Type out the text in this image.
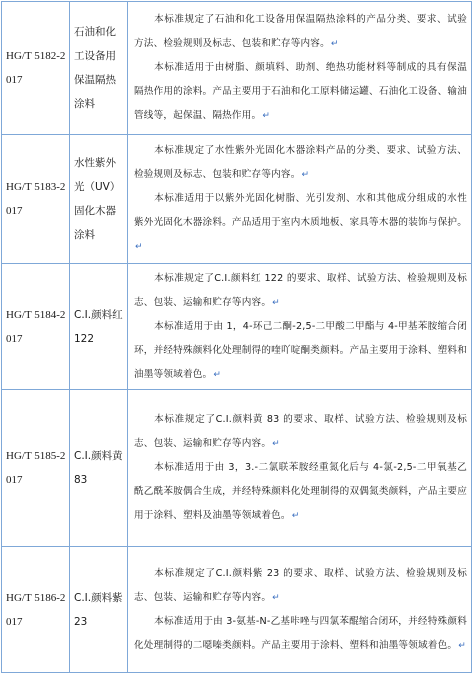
HG/T 5182-2017	石油和化工设备用保温隔热涂料	本标准规定了石油和化工设备用保温隔热涂料的产品分类、要求、试验方法、检验规则及标志、包装和贮存等内容。↵

本标准适用于由树脂、颜填料、助剂、绝热功能材料等制成的具有保温隔热作用的涂料。产品主要用于石油和化工原料储运罐、石油化工设备、输油管线等，起保温、隔热作用。↵

HG/T 5183-2017	水性紫外光（UV）固化木器涂料	本标准规定了水性紫外光固化木器涂料产品的分类、要求、试验方法、检验规则及标志、包装和贮存等内容。↵

本标准适用于以紫外光固化树脂、光引发剂、水和其他成分组成的水性紫外光固化木器涂料。产品适用于室内木质地板、家具等木器的装饰与保护。↵

HG/T 5184-2017	C.I.颜料红 122	本标准规定了C.I.颜料红 122 的要求、取样、试验方法、检验规则及标志、包装、运输和贮存等内容。↵

本标准适用于由 1，4-环己二酮-2,5-二甲酸二甲酯与 4-甲基苯胺缩合闭环，并经特殊颜料化处理制得的喹吖啶酮类颜料。产品主要用于涂料、塑料和油墨等领域着色。↵

HG/T 5185-2017	C.I.颜料黄 83	本标准规定了C.I.颜料黄 83 的要求、取样、试验方法、检验规则及标志、包装、运输和贮存等内容。↵

本标准适用于由 3，3.-二氯联苯胺经重氮化后与 4-氯-2,5-二甲氧基乙酰乙酰苯胺偶合生成，并经特殊颜料化处理制得的双偶氮类颜料，产品主要应用于涂料、塑料及油墨等领域着色。↵

HG/T 5186-2017	C.I.颜料紫 23	本标准规定了C.I.颜料紫 23 的要求、取样、试验方法、检验规则及标志、包装、运输和贮存等内容。↵

本标准适用于由 3-氨基-N-乙基咔唑与四氯苯醌缩合闭环，并经特殊颜料化处理制得的二噁嗪类颜料。产品主要用于涂料、塑料和油墨等领域着色。↵
